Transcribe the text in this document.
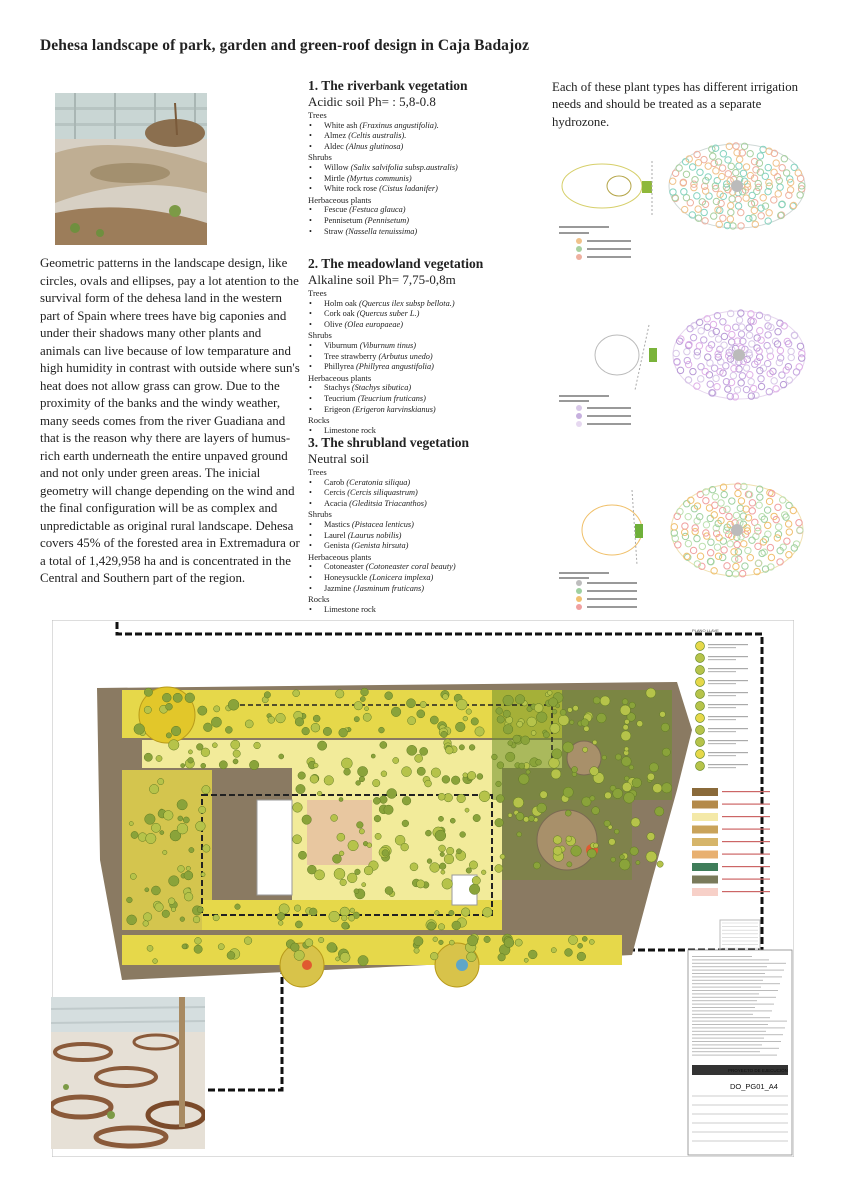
Dehesa landscape of park, garden and green-roof design in Caja Badajoz
Geometric patterns in the landscape design, like circles, ovals and ellipses, pay a lot atention to the survival form of the dehesa land in the western part of Spain where trees have big caponies and under their shadows many other plants and animals can live because of low temparature and high humidity in contrast with outside where sun's heat does not allow grass can grow. Due to the proximity of the banks and the windy weather, many seeds comes from the river Guadiana and that is the reason why there are layers of humus-rich earth underneath the entire unpaved ground and not only under green areas. The inicial geometry will change depending on the wind and the final configuration will be as complex and unpredictable as original rural landscape. Dehesa covers 45% of the forested area in Extremadura or a total of 1,429,958 ha and is concentrated in the Central and Southern part of the region.
1. The riverbank vegetation
Acidic soil Ph= : 5,8-0.8
Trees
• White ash (Fraxinus angustifolia).
• Almez (Celtis australis).
• Aldec (Alnus glutinosa)
Shrubs
• Willow (Salix salvifolia subsp.australis)
• Mirtle (Myrtus communis)
• White rock rose (Cistus ladanifer)
Herbaceous plants
• Fescue (Festuca glauca)
• Pennisetum (Pennisetum)
• Straw (Nassella tenuissima)
2. The meadowland vegetation
Alkaline soil Ph= 7,75-0,8m
Trees
• Holm oak (Quercus ilex subsp bellota.)
• Cork oak (Quercus suber L.)
• Olive (Olea europaeae)
Shrubs
• Viburnum (Viburnum tinus)
• Tree strawberry (Arbutus unedo)
• Phillyrea (Phillyrea angustifolia)
Herbaceous plants
• Stachys (Stachys sibutica)
• Teucrium (Teucrium fruticans)
• Erigeon (Erigeron karvinskianus)
Rocks
• Limestone rock
3. The shrubland vegetation
Neutral soil
Trees
• Carob (Ceratonia siliqua)
• Cercis (Cercis siliquastrum)
• Acacia (Gleditsia Triacanthos)
Shrubs
• Mastics (Pistacea lenticus)
• Laurel (Laurus nobilis)
• Genista (Genista hirsuta)
Herbaceous plants
• Cotoneaster (Cotoneaster coral beauty)
• Honeysuckle (Lonicera implexa)
• Jazmine (Jasminum fruticans)
Rocks
• Limestone rock
Each of these plant types has different irrigation needs and should be treated as a separate hydrozone.
PLANO LLAVE
PROYECTO DE EJECUCIÓN
DO_PG01_A4
